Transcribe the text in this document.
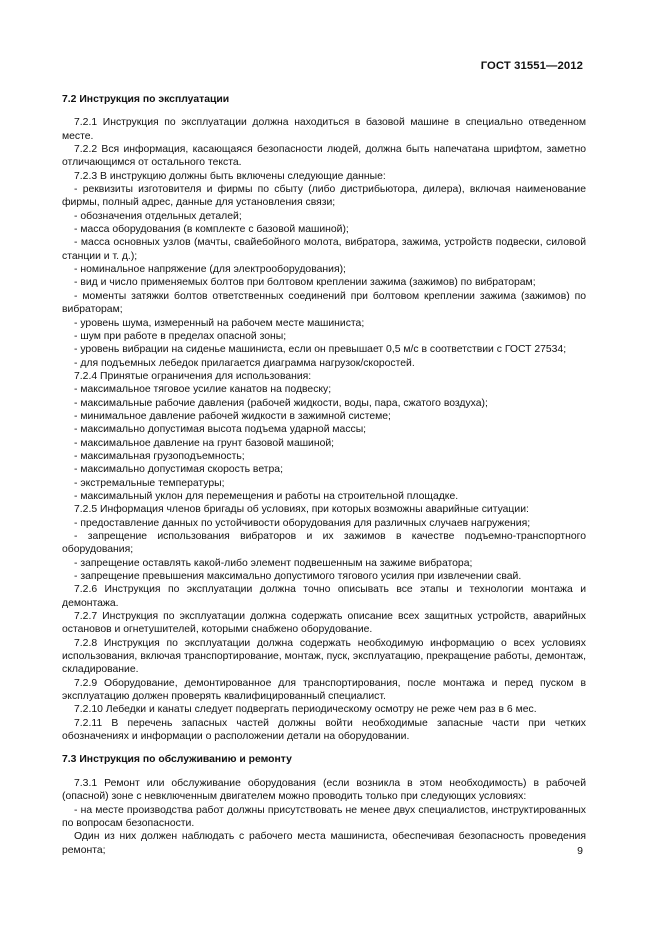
ГОСТ 31551—2012

7.2 Инструкция по эксплуатации

7.2.1 Инструкция по эксплуатации должна находиться в базовой машине в специально отведенном месте.

7.2.2 Вся информация, касающаяся безопасности людей, должна быть напечатана шрифтом, заметно отличающимся от остального текста.

7.2.3 В инструкцию должны быть включены следующие данные:

- реквизиты изготовителя и фирмы по сбыту (либо дистрибьютора, дилера), включая наименование фирмы, полный адрес, данные для установления связи;

- обозначения отдельных деталей;

- масса оборудования (в комплекте с базовой машиной);

- масса основных узлов (мачты, свайебойного молота, вибратора, зажима, устройств подвески, силовой станции и т. д.);

- номинальное напряжение (для электрооборудования);

- вид и число применяемых болтов при болтовом креплении зажима (зажимов) по вибраторам;

- моменты затяжки болтов ответственных соединений при болтовом креплении зажима (зажимов) по вибраторам;

- уровень шума, измеренный на рабочем месте машиниста;

- шум при работе в пределах опасной зоны;

- уровень вибрации на сиденье машиниста, если он превышает 0,5 м/с в соответствии с ГОСТ 27534;

- для подъемных лебедок прилагается диаграмма нагрузок/скоростей.

7.2.4 Принятые ограничения для использования:

- максимальное тяговое усилие канатов на подвеску;

- максимальные рабочие давления (рабочей жидкости, воды, пара, сжатого воздуха);

- минимальное давление рабочей жидкости в зажимной системе;

- максимально допустимая высота подъема ударной массы;

- максимальное давление на грунт базовой машиной;

- максимальная грузоподъемность;

- максимально допустимая скорость ветра;

- экстремальные температуры;

- максимальный уклон для перемещения и работы на строительной площадке.

7.2.5 Информация членов бригады об условиях, при которых возможны аварийные ситуации:

- предоставление данных по устойчивости оборудования для различных случаев нагружения;

- запрещение использования вибраторов и их зажимов в качестве подъемно-транспортного оборудования;

- запрещение оставлять какой-либо элемент подвешенным на зажиме вибратора;

- запрещение превышения максимально допустимого тягового усилия при извлечении свай.

7.2.6 Инструкция по эксплуатации должна точно описывать все этапы и технологии монтажа и демонтажа.

7.2.7 Инструкция по эксплуатации должна содержать описание всех защитных устройств, аварийных остановов и огнетушителей, которыми снабжено оборудование.

7.2.8 Инструкция по эксплуатации должна содержать необходимую информацию о всех условиях использования, включая транспортирование, монтаж, пуск, эксплуатацию, прекращение работы, демонтаж, складирование.

7.2.9 Оборудование, демонтированное для транспортирования, после монтажа и перед пуском в эксплуатацию должен проверять квалифицированный специалист.

7.2.10 Лебедки и канаты следует подвергать периодическому осмотру не реже чем раз в 6 мес.

7.2.11 В перечень запасных частей должны войти необходимые запасные части при четких обозначениях и информации о расположении детали на оборудовании.

7.3 Инструкция по обслуживанию и ремонту

7.3.1 Ремонт или обслуживание оборудования (если возникла в этом необходимость) в рабочей (опасной) зоне с невключенным двигателем можно проводить только при следующих условиях:

- на месте производства работ должны присутствовать не менее двух специалистов, инструктированных по вопросам безопасности.

Один из них должен наблюдать с рабочего места машиниста, обеспечивая безопасность проведения ремонта;	9
